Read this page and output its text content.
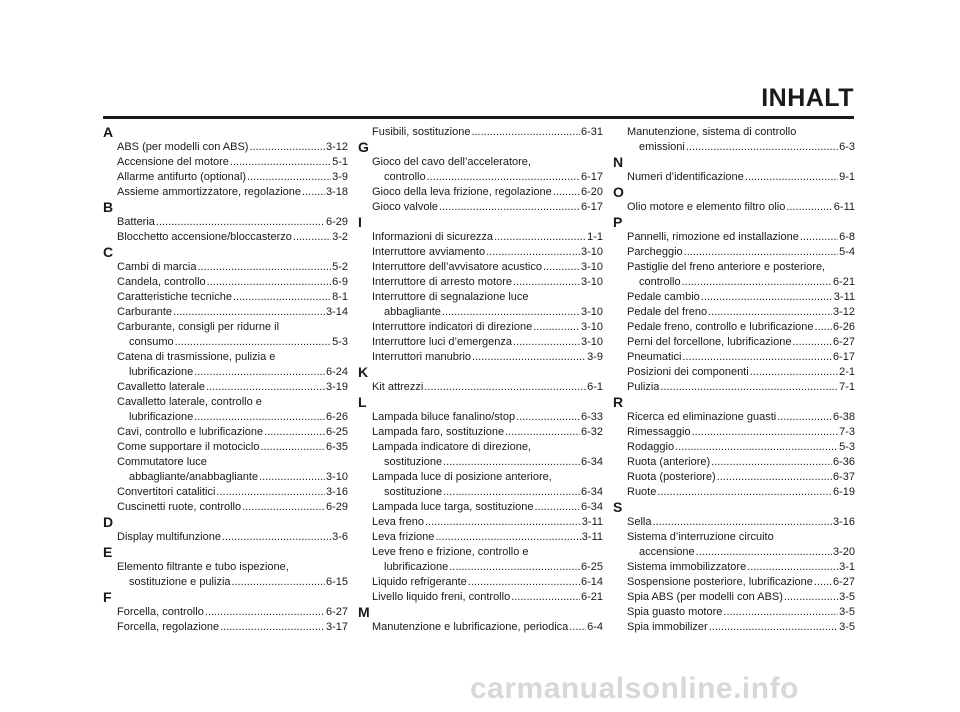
INHALT
A
ABS (per modelli con ABS) .....	3-12
Accensione del motore .....	5-1
Allarme antifurto (optional) .....	3-9
Assieme ammortizzatore, regolazione ..... 3-18
B
Batteria .....	6-29
Blocchetto accensione/bloccasterzo .....	3-2
C
Cambi di marcia .....	5-2
Candela, controllo .....	6-9
Caratteristiche tecniche .....	8-1
Carburante .....	3-14
Carburante, consigli per ridurne il
consumo .....	5-3
Catena di trasmissione, pulizia e
lubrificazione .....	6-24
Cavalletto laterale .....	3-19
Cavalletto laterale, controllo e
lubrificazione .....	6-26
Cavi, controllo e lubrificazione .....	6-25
Come supportare il motociclo .....	6-35
Commutatore luce
abbagliante/anabbagliante .....	3-10
Convertitori catalitici .....	3-16
Cuscinetti ruote, controllo .....	6-29
D
Display multifunzione .....	3-6
E
Elemento filtrante e tubo ispezione,
sostituzione e pulizia .....	6-15
F
Forcella, controllo .....	6-27
Forcella, regolazione .....	3-17
Fusibili, sostituzione .....	6-31
G
Gioco del cavo dell’acceleratore,
controllo .....	6-17
Gioco della leva frizione, regolazione .....	6-20
Gioco valvole .....	6-17
I
Informazioni di sicurezza .....	1-1
Interruttore avviamento .....	3-10
Interruttore dell’avvisatore acustico .....	3-10
Interruttore di arresto motore .....	3-10
Interruttore di segnalazione luce
abbagliante .....	3-10
Interruttore indicatori di direzione .....	3-10
Interruttore luci d’emergenza .....	3-10
Interruttori manubrio .....	3-9
K
Kit attrezzi .....	6-1
L
Lampada biluce fanalino/stop .....	6-33
Lampada faro, sostituzione .....	6-32
Lampada indicatore di direzione,
sostituzione .....	6-34
Lampada luce di posizione anteriore,
sostituzione .....	6-34
Lampada luce targa, sostituzione .....	6-34
Leva freno .....	3-11
Leva frizione .....	3-11
Leve freno e frizione, controllo e
lubrificazione .....	6-25
Liquido refrigerante .....	6-14
Livello liquido freni, controllo .....	6-21
M
Manutenzione e lubrificazione, periodica ..... 6-4
Manutenzione, sistema di controllo
emissioni .....	6-3
N
Numeri d’identificazione .....	9-1
O
Olio motore e elemento filtro olio .....	6-11
P
Pannelli, rimozione ed installazione .....	6-8
Parcheggio .....	5-4
Pastiglie del freno anteriore e posteriore,
controllo .....	6-21
Pedale cambio .....	3-11
Pedale del freno .....	3-12
Pedale freno, controllo e lubrificazione ..... 6-26
Perni del forcellone, lubrificazione .....	6-27
Pneumatici .....	6-17
Posizioni dei componenti .....	2-1
Pulizia .....	7-1
R
Ricerca ed eliminazione guasti .....	6-38
Rimessaggio .....	7-3
Rodaggio .....	5-3
Ruota (anteriore) .....	6-36
Ruota (posteriore) .....	6-37
Ruote .....	6-19
S
Sella .....	3-16
Sistema d’interruzione circuito
accensione .....	3-20
Sistema immobilizzatore .....	3-1
Sospensione posteriore, lubrificazione ..... 6-27
Spia ABS (per modelli con ABS) .....	3-5
Spia guasto motore .....	3-5
Spia immobilizer .....	3-5
carmanualsonline.info
